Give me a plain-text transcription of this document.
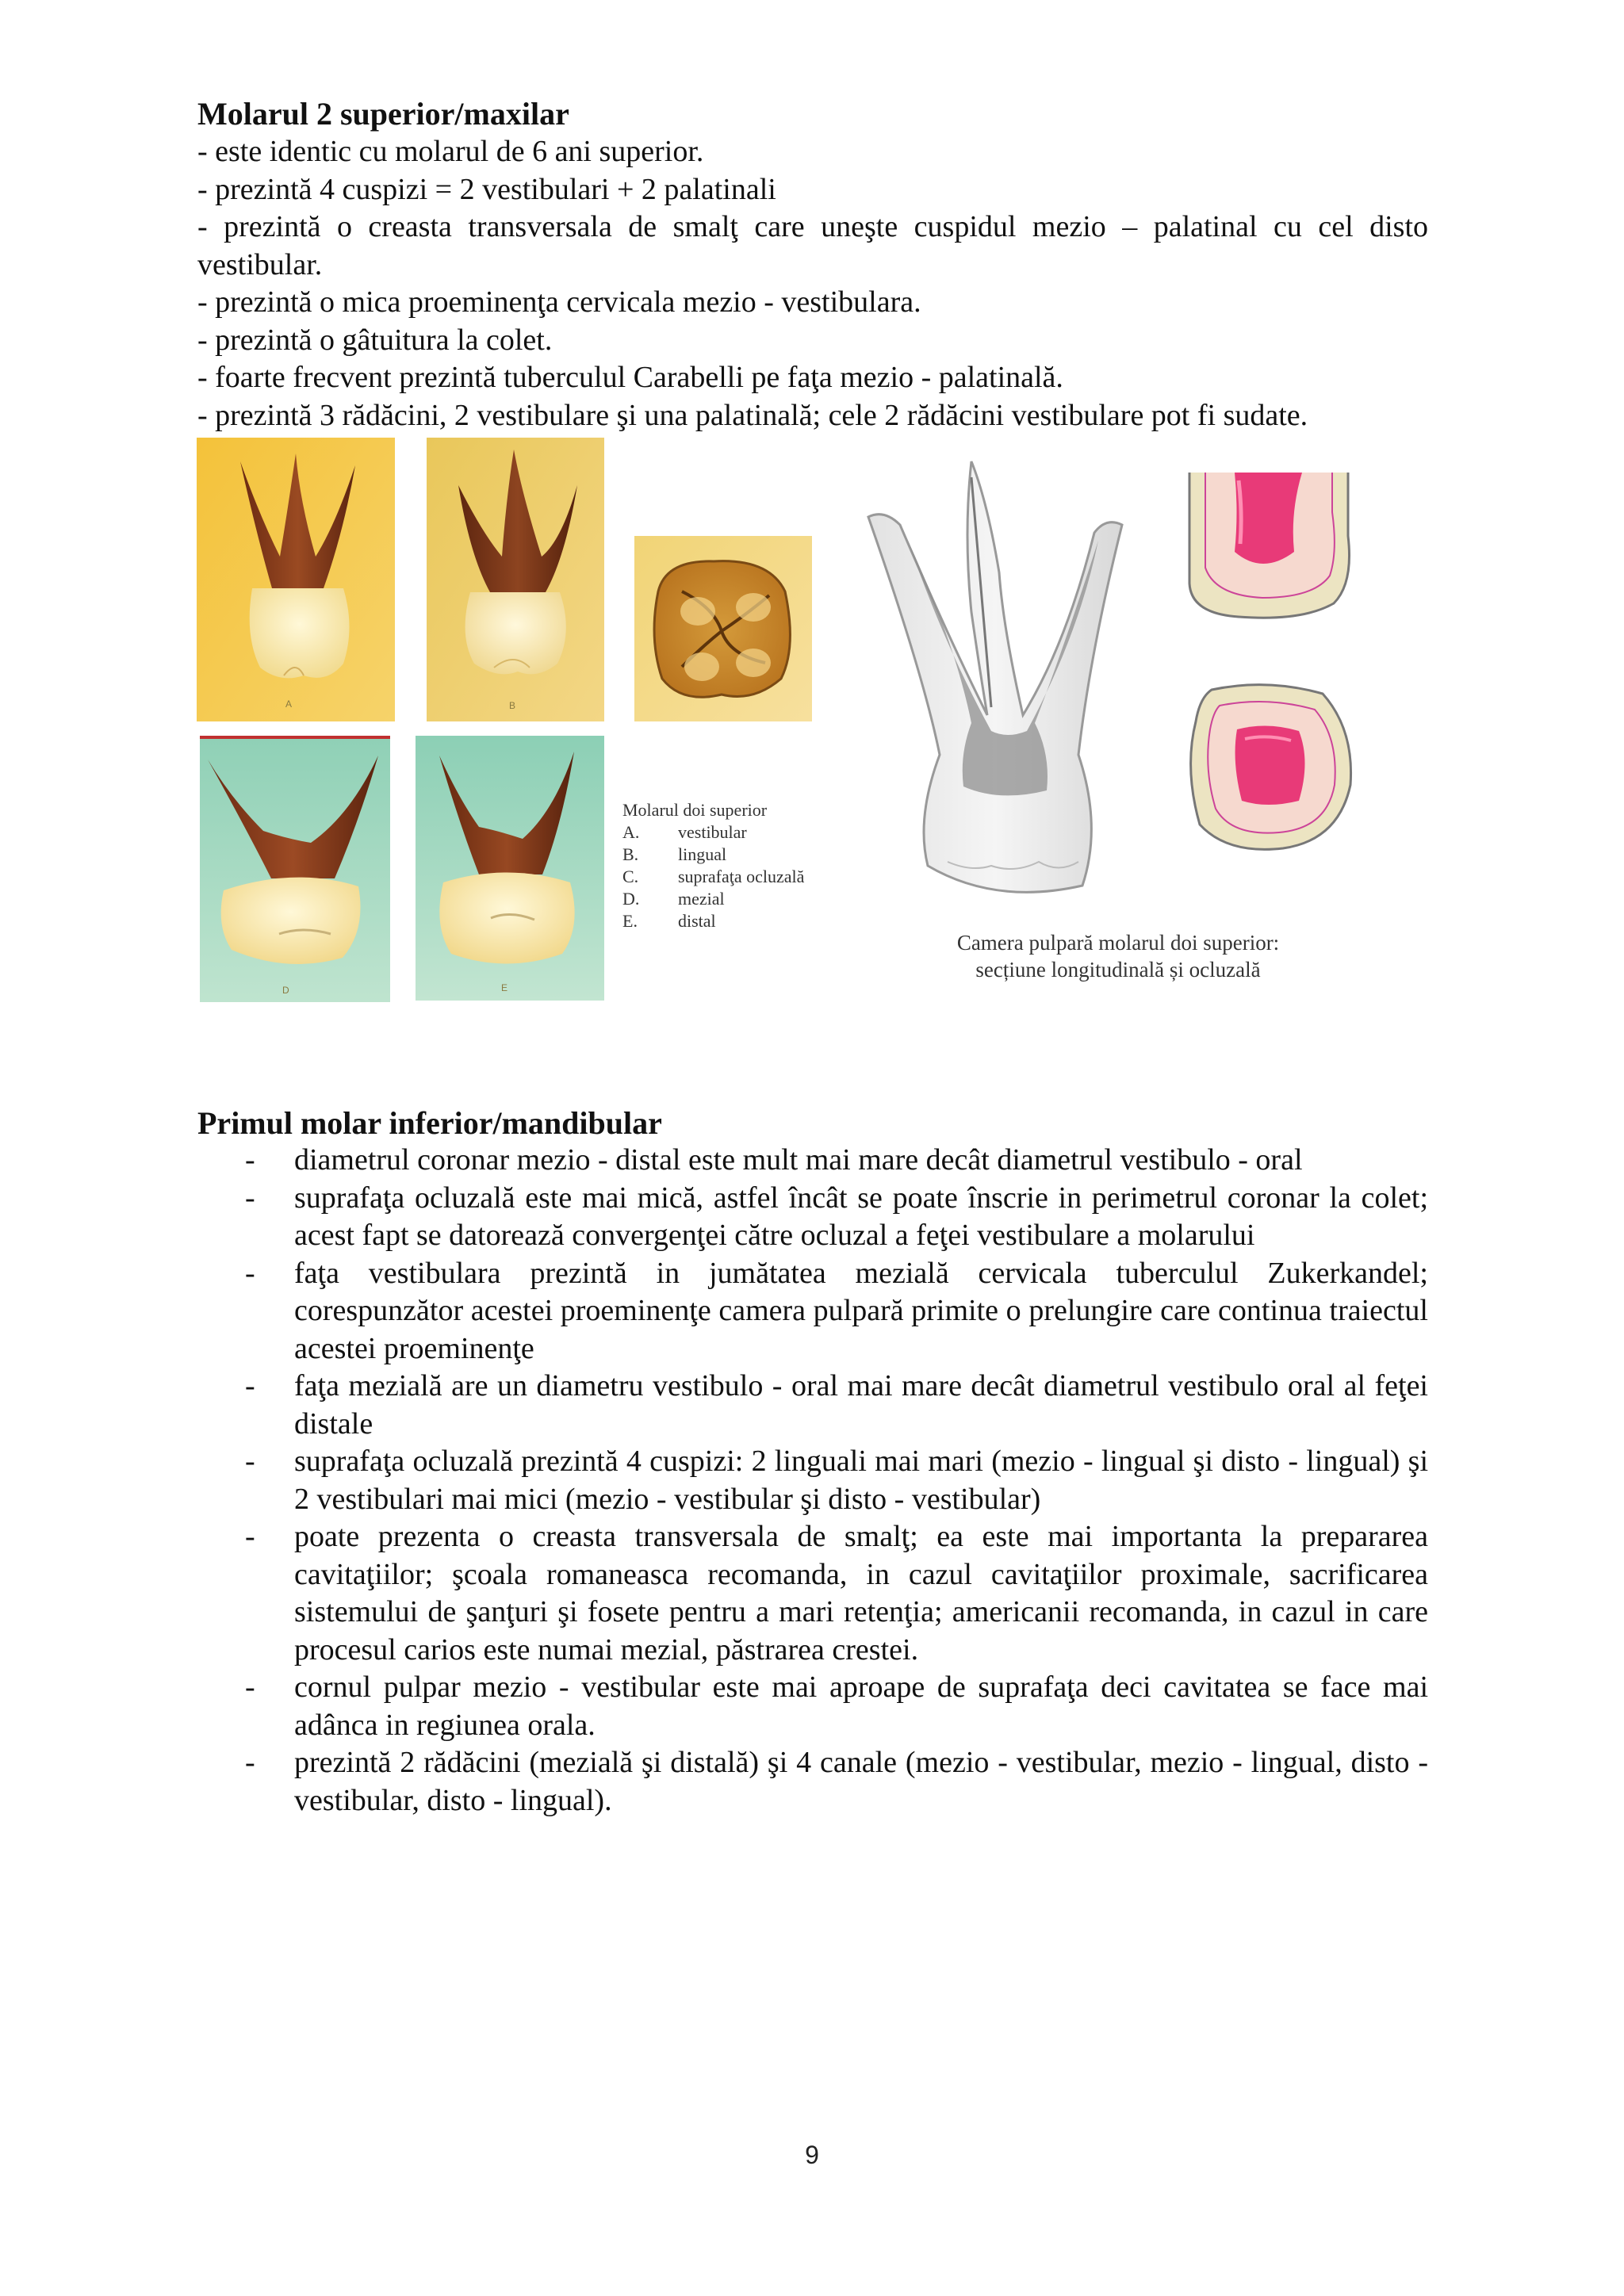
Molarul 2 superior/maxilar
- este identic cu molarul de 6 ani superior.
- prezintă 4 cuspizi = 2 vestibulari + 2 palatinali
- prezintă o creasta transversala de smalţ care uneşte cuspidul mezio – palatinal cu cel disto vestibular.
- prezintă o mica proeminenţa cervicala mezio - vestibulara.
- prezintă o gâtuitura la colet.
- foarte frecvent prezintă tuberculul Carabelli pe faţa mezio - palatinală.
- prezintă 3 rădăcini, 2 vestibulare şi una palatinală; cele 2 rădăcini vestibulare pot fi sudate.
A	B
D	E
Molarul doi superior
A.	vestibular
B.	lingual
C.	suprafaţa ocluzală
D.	mezial
E.	distal
Camera pulpară molarul doi superior:
secțiune longitudinală și ocluzală
Primul molar inferior/mandibular
-	diametrul coronar mezio - distal este mult mai mare decât diametrul vestibulo - oral
-	suprafaţa ocluzală este mai mică, astfel încât se poate înscrie in perimetrul coronar la colet; acest fapt se datorează convergenţei către ocluzal a feţei vestibulare a molarului
-	faţa vestibulara prezintă in jumătatea mezială cervicala tuberculul Zukerkandel; corespunzător acestei proeminenţe camera pulpară primite o prelungire care continua traiectul acestei proeminenţe
-	faţa mezială are un diametru vestibulo - oral mai mare decât diametrul vestibulo oral al feţei distale
-	suprafaţa ocluzală prezintă 4 cuspizi: 2 linguali mai mari (mezio - lingual şi disto - lingual) şi 2 vestibulari mai mici (mezio - vestibular şi disto - vestibular)
-	poate prezenta o creasta transversala de smalţ; ea este mai importanta la prepararea cavitaţiilor; şcoala romaneasca recomanda, in cazul cavitaţiilor proximale, sacrificarea sistemului de şanţuri şi fosete pentru a mari retenţia; americanii recomanda, in cazul in care procesul carios este numai mezial, păstrarea crestei.
-	cornul pulpar mezio - vestibular este mai aproape de suprafaţa deci cavitatea se face mai adânca in regiunea orala.
-	prezintă 2 rădăcini (mezială şi distală) şi 4 canale (mezio - vestibular, mezio - lingual, disto - vestibular, disto - lingual).
9
